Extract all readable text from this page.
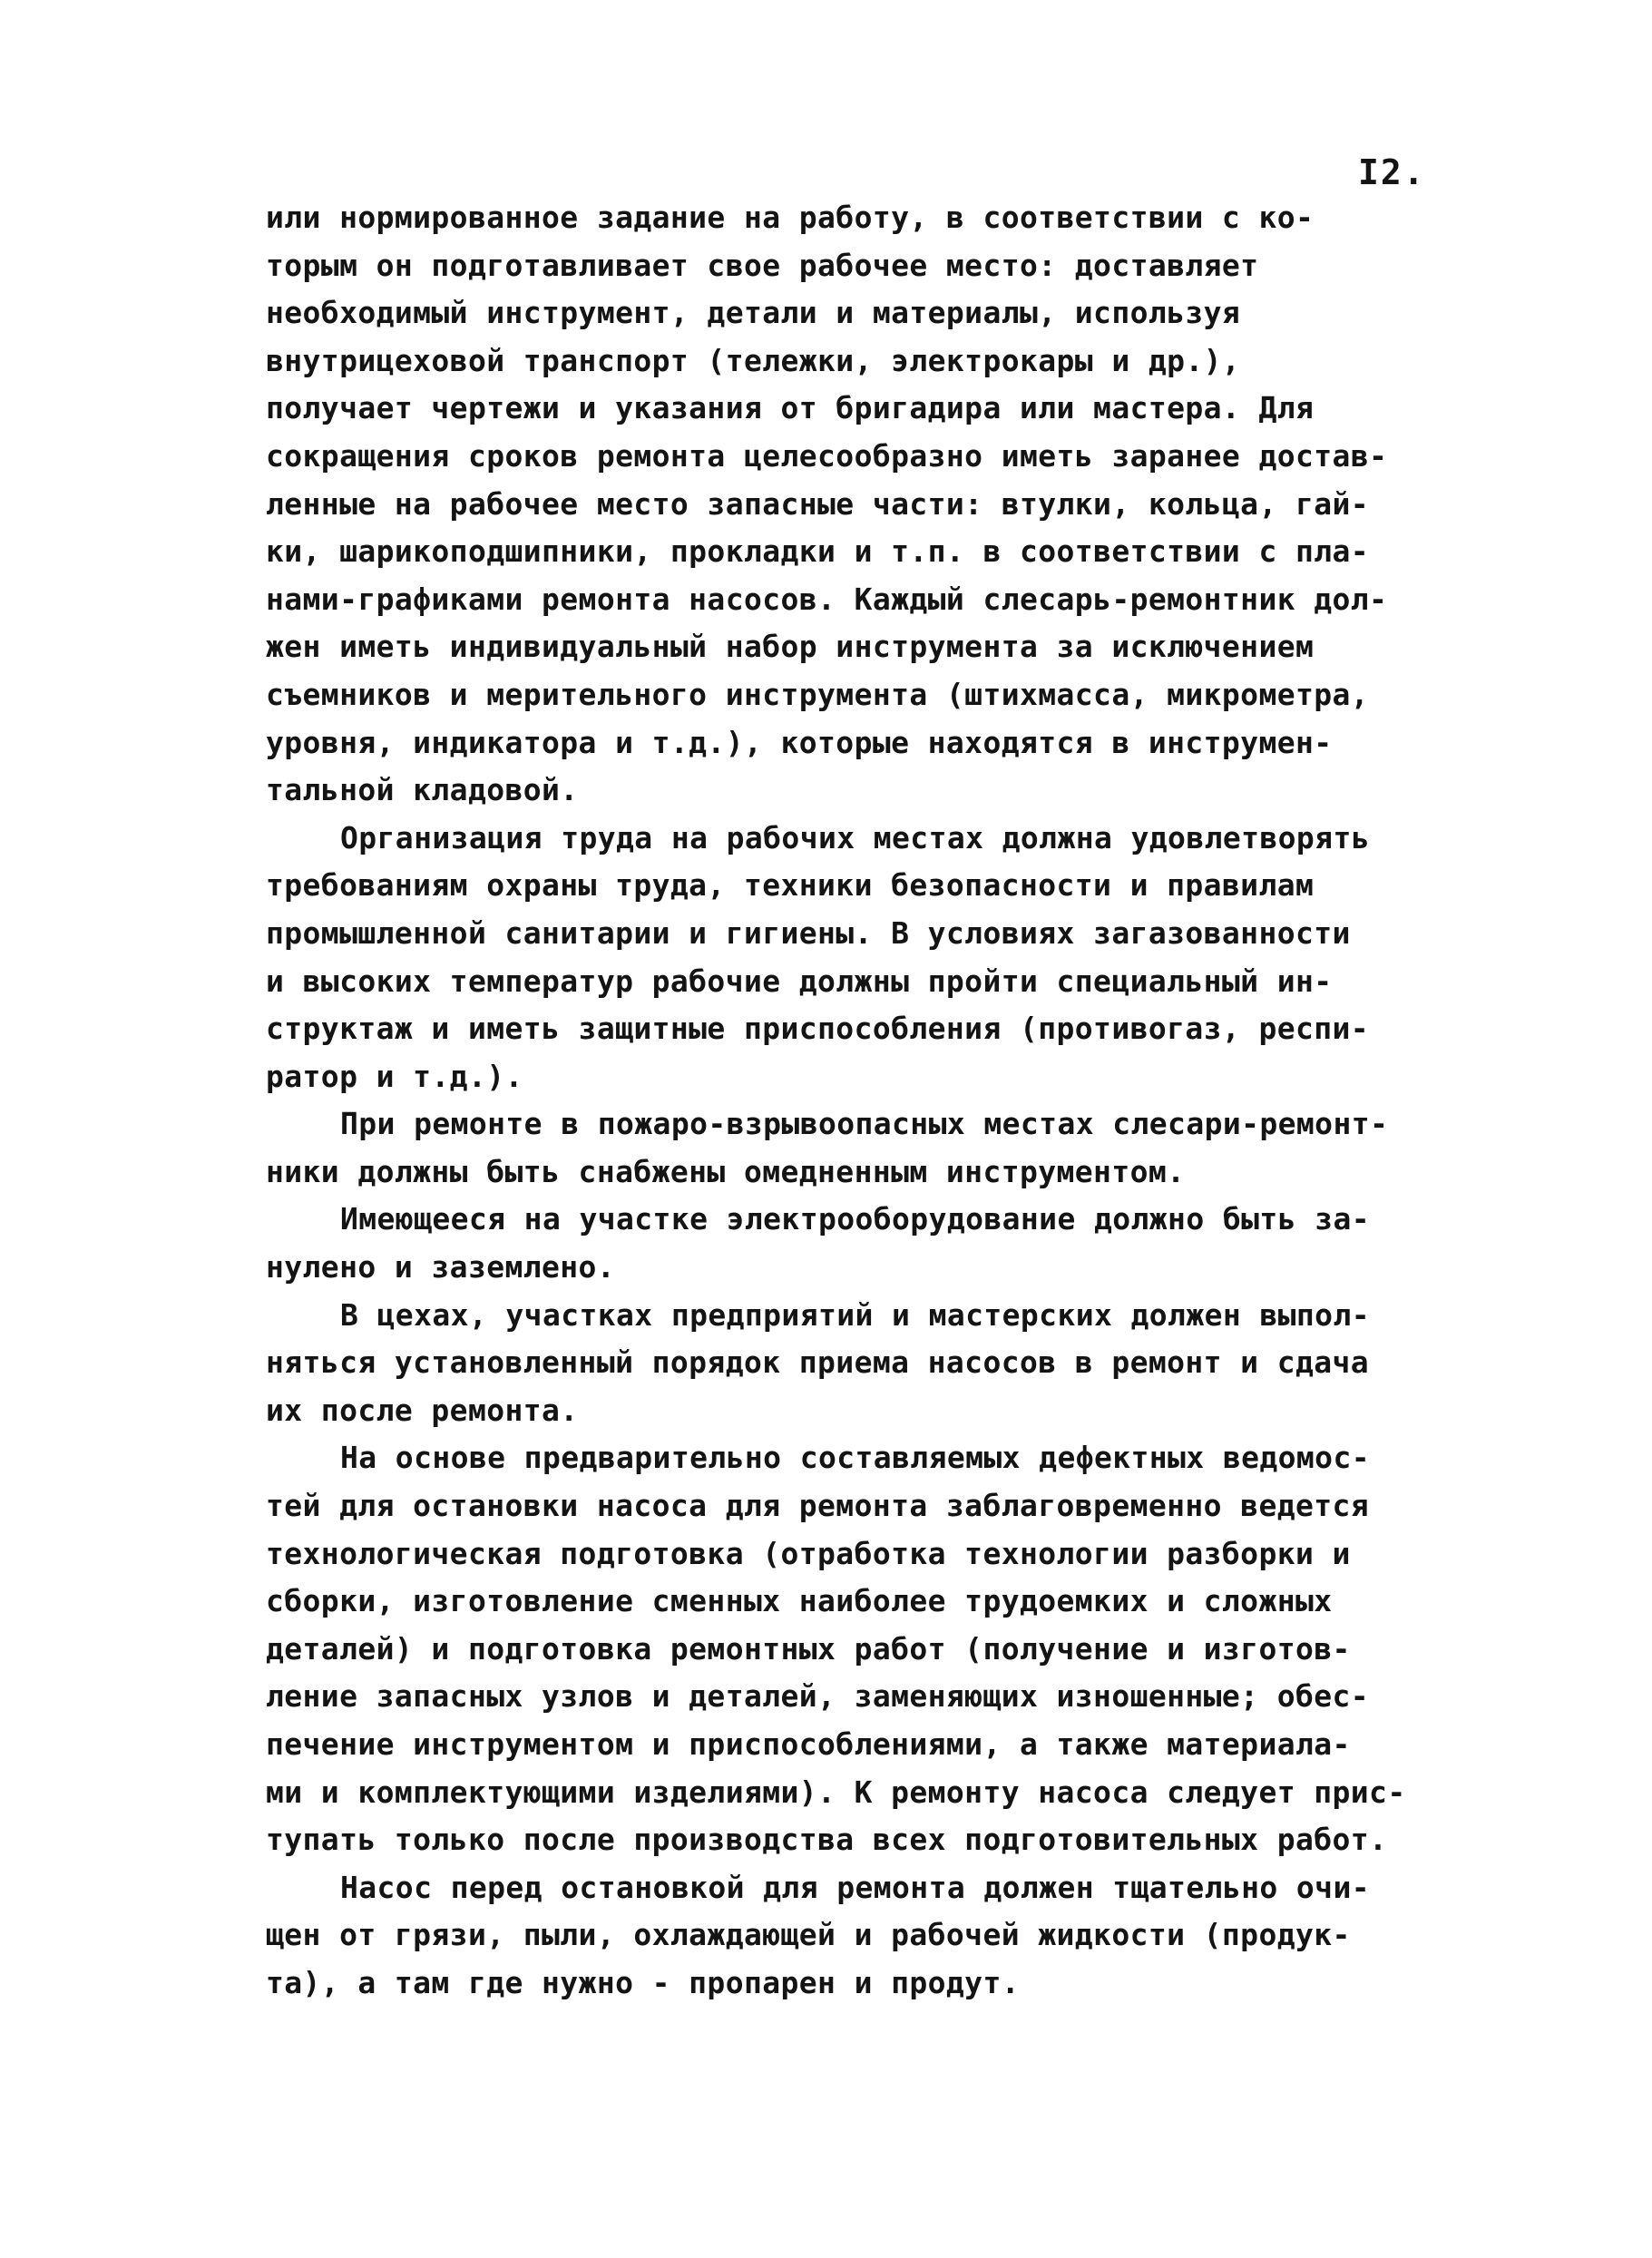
I2.
или нормированное задание на работу, в соответствии с ко-
торым он подготавливает свое рабочее место: доставляет
необходимый инструмент, детали и материалы, используя
внутрицеховой транспорт (тележки, электрокары и др.),
получает чертежи и указания от бригадира или мастера. Для
сокращения сроков ремонта целесообразно иметь заранее достав-
ленные на рабочее место запасные части: втулки, кольца, гай-
ки, шарикоподшипники, прокладки и т.п. в соответствии с пла-
нами-графиками ремонта насосов. Каждый слесарь-ремонтник дол-
жен иметь индивидуальный набор инструмента за исключением
съемников и мерительного инструмента (штихмасса, микрометра,
уровня, индикатора и т.д.), которые находятся в инструмен-
тальной кладовой.
Организация труда на рабочих местах должна удовлетворять
требованиям охраны труда, техники безопасности и правилам
промышленной санитарии и гигиены. В условиях загазованности
и высоких температур рабочие должны пройти специальный ин-
структаж и иметь защитные приспособления (противогаз, респи-
ратор и т.д.).
При ремонте в пожаро-взрывоопасных местах слесари-ремонт-
ники должны быть снабжены омедненным инструментом.
Имеющееся на участке электрооборудование должно быть за-
нулено и заземлено.
В цехах, участках предприятий и мастерских должен выпол-
няться установленный порядок приема насосов в ремонт и сдача
их после ремонта.
На основе предварительно составляемых дефектных ведомос-
тей для остановки насоса для ремонта заблаговременно ведется
технологическая подготовка (отработка технологии разборки и
сборки, изготовление сменных наиболее трудоемких и сложных
деталей) и подготовка ремонтных работ (получение и изготов-
ление запасных узлов и деталей, заменяющих изношенные; обес-
печение инструментом и приспособлениями, а также материала-
ми и комплектующими изделиями). К ремонту насоса следует прис-
тупать только после производства всех подготовительных работ.
Насос перед остановкой для ремонта должен тщательно очи-
щен от грязи, пыли, охлаждающей и рабочей жидкости (продук-
та), а там где нужно - пропарен и продут.
